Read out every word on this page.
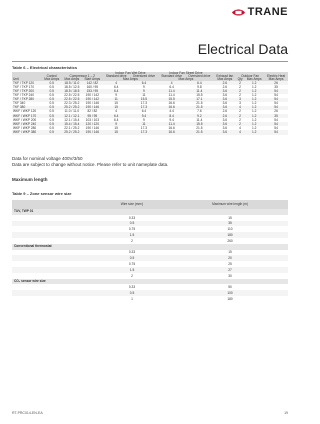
TRANE
Electrical Data
Table 6 – Electrical characteristics
				Indoor Fan Wet Drive		Indoor Fan Street Drive					
	Control	Compressor 1 – 2		Standard drive	Oversized drive	Standard drive	Oversized drive	Exhaust fan	Outdoor Fan		Electric Heat
Unit	Max Amps	Max Amps	Start Amps	Max Amps		Max Amps		Max Amps	Qty	Max Amps	Max Amps
TKF / TKP 120	0.5	18.5 / 11.0	142 / 82	4	6.4	4	6.4	2.6	2	1.2	26
TKF / TKP 170	0.5	18.5 / 12.5	160 / 95	6.4	9	6.4	9.8	2.6	2	1.2	35
TKF / TKP 200	0.5	18.5 / 18.5	153 / 95	6.4	9	11.4	11.4	3.6	2	1.2	54
TKF / TKP 240	0.5	22.5 / 22.5	190 / 142	9	11	11.4	15.5	3.6	2	1.2	54
TKF / TKP 280	0.5	22.5 / 22.5	190 / 142	11	15.5	15.5	17.1	3.6	3	1.2	54
TKF 340	0.5	22.3 / 25.2	190 / 146	15	17.3	16.6	21.5	3.6	3	1.2	54
TKF 380	0.5	25.2 / 25.2	190 / 146	15	17.3	16.6	21.5	3.6	4	1.2	54
WKF / WKP 120	0.5	11.0 / 11.0	82 / 82	4	6.4	4.4	7.6	2.6	2	1.2	26
WKF / WKP 170	0.5	12.1 / 12.1	95 / 95	6.4	9.4	8.4	9.2	2.6	2	1.2	35
WKF / WKP 200	0.5	12.1 / 15.4	103 / 103	6.4	9	9.4	11.4	3.6	2	1.2	54
WKF / WKP 240	0.5	15.4 / 15.4	120 / 120	9	11	11.4	15.5	3.6	2	1.2	54
WKF / WKP 280	0.5	22.1 / 25.2	190 / 146	15	17.3	16.6	21.5	3.6	4	1.2	54
WKF / WKP 380	0.5	25.2 / 25.2	190 / 146	15	17.3	16.6	21.5	3.6	4	1.2	54
Data for nominal voltage 400V/3/50
Data are subject to change without notice. Please refer to unit nameplate data.
Maximum length
Table 9 – Zone sensor wire size
Wire size (mm²)	Maximum wire length (m)
TUV, TWP 01
0.33	15
0.5	35
0.75	110
1.5	180
2	260
Conventional thermostat
0.33	15
0.5	20
0.75	25
1.5	27
2	30
CO₂ sensor wire size
0.33	50
0.5	100
1	180
RT-PRC014-EN-EA	19
